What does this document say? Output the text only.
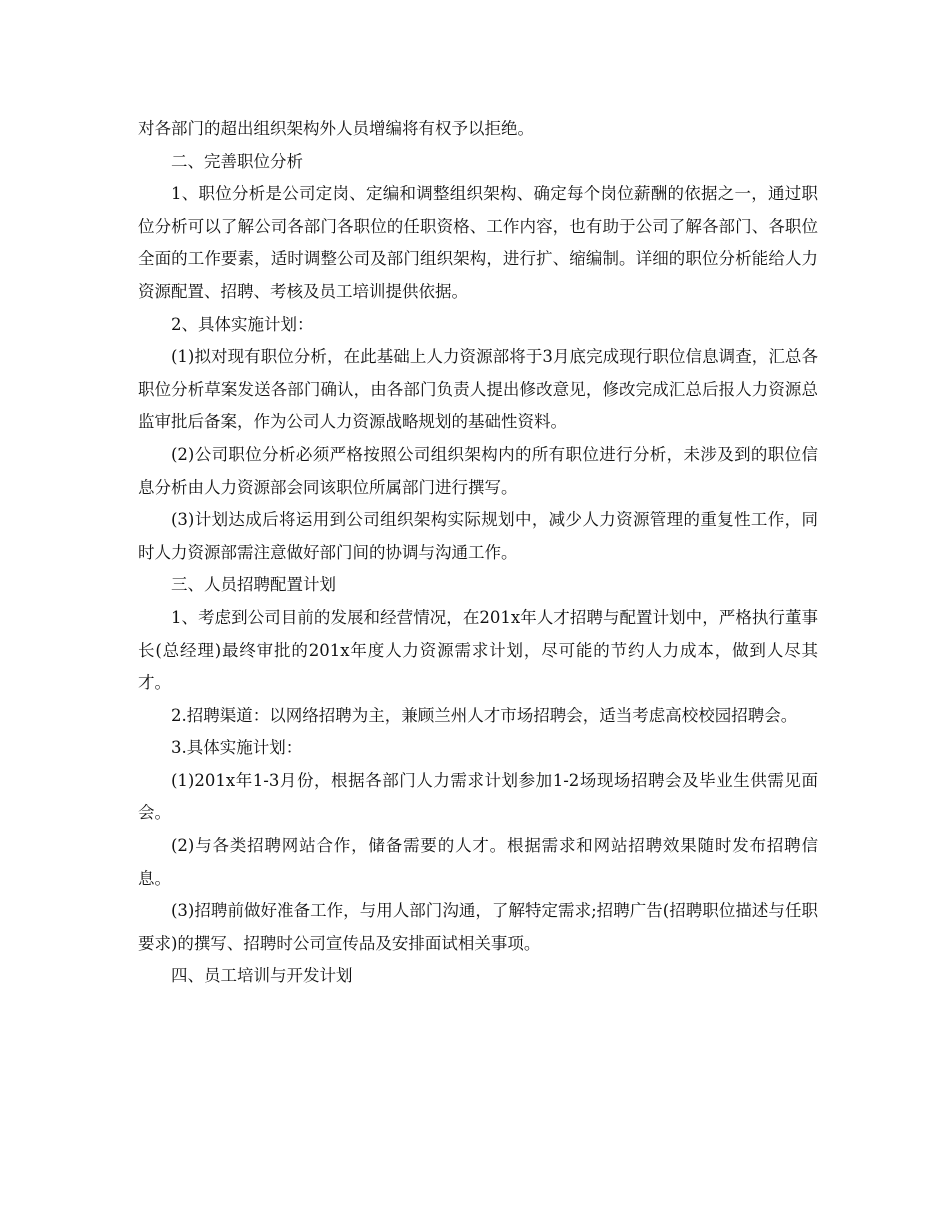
对各部门的超出组织架构外人员增编将有权予以拒绝。

二、完善职位分析

1、职位分析是公司定岗、定编和调整组织架构、确定每个岗位薪酬的依据之一，通过职位分析可以了解公司各部门各职位的任职资格、工作内容，也有助于公司了解各部门、各职位全面的工作要素，适时调整公司及部门组织架构，进行扩、缩编制。详细的职位分析能给人力资源配置、招聘、考核及员工培训提供依据。

2、具体实施计划：

(1)拟对现有职位分析，在此基础上人力资源部将于3月底完成现行职位信息调查，汇总各职位分析草案发送各部门确认，由各部门负责人提出修改意见，修改完成汇总后报人力资源总监审批后备案，作为公司人力资源战略规划的基础性资料。

(2)公司职位分析必须严格按照公司组织架构内的所有职位进行分析，未涉及到的职位信息分析由人力资源部会同该职位所属部门进行撰写。

(3)计划达成后将运用到公司组织架构实际规划中，减少人力资源管理的重复性工作，同时人力资源部需注意做好部门间的协调与沟通工作。

三、人员招聘配置计划

1、考虑到公司目前的发展和经营情况，在201x年人才招聘与配置计划中，严格执行董事长(总经理)最终审批的201x年度人力资源需求计划，尽可能的节约人力成本，做到人尽其才。

2.招聘渠道：以网络招聘为主，兼顾兰州人才市场招聘会，适当考虑高校校园招聘会。

3.具体实施计划：

(1)201x年1-3月份，根据各部门人力需求计划参加1-2场现场招聘会及毕业生供需见面会。

(2)与各类招聘网站合作，储备需要的人才。根据需求和网站招聘效果随时发布招聘信息。

(3)招聘前做好准备工作，与用人部门沟通，了解特定需求;招聘广告(招聘职位描述与任职要求)的撰写、招聘时公司宣传品及安排面试相关事项。

四、员工培训与开发计划
